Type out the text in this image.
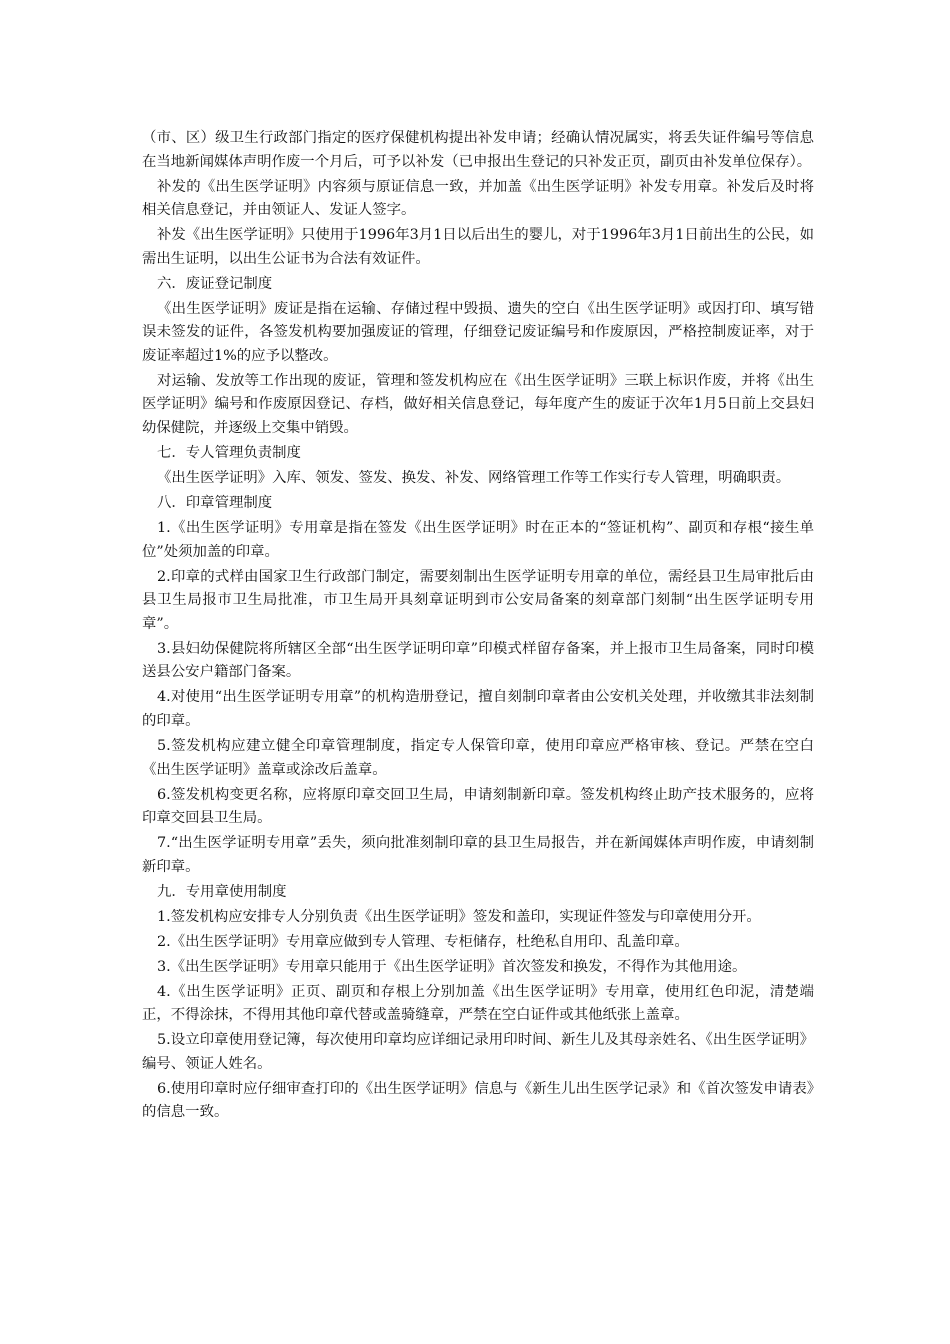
（市、区）级卫生行政部门指定的医疗保健机构提出补发申请；经确认情况属实，将丢失证件编号等信息在当地新闻媒体声明作废一个月后，可予以补发（已申报出生登记的只补发正页，副页由补发单位保存）。

补发的《出生医学证明》内容须与原证信息一致，并加盖《出生医学证明》补发专用章。补发后及时将相关信息登记，并由领证人、发证人签字。

补发《出生医学证明》只使用于1996年3月1日以后出生的婴儿，对于1996年3月1日前出生的公民，如需出生证明，以出生公证书为合法有效证件。

六．废证登记制度

《出生医学证明》废证是指在运输、存储过程中毁损、遗失的空白《出生医学证明》或因打印、填写错误未签发的证件，各签发机构要加强废证的管理，仔细登记废证编号和作废原因，严格控制废证率，对于废证率超过1%的应予以整改。

对运输、发放等工作出现的废证，管理和签发机构应在《出生医学证明》三联上标识作废，并将《出生医学证明》编号和作废原因登记、存档，做好相关信息登记，每年度产生的废证于次年1月5日前上交县妇幼保健院，并逐级上交集中销毁。

七．专人管理负责制度

《出生医学证明》入库、领发、签发、换发、补发、网络管理工作等工作实行专人管理，明确职责。

八．印章管理制度

1.《出生医学证明》专用章是指在签发《出生医学证明》时在正本的“签证机构”、副页和存根“接生单位”处须加盖的印章。

2.印章的式样由国家卫生行政部门制定，需要刻制出生医学证明专用章的单位，需经县卫生局审批后由县卫生局报市卫生局批准，市卫生局开具刻章证明到市公安局备案的刻章部门刻制“出生医学证明专用章”。

3.县妇幼保健院将所辖区全部“出生医学证明印章”印模式样留存备案，并上报市卫生局备案，同时印模送县公安户籍部门备案。

4.对使用“出生医学证明专用章”的机构造册登记，擅自刻制印章者由公安机关处理，并收缴其非法刻制的印章。

5.签发机构应建立健全印章管理制度，指定专人保管印章，使用印章应严格审核、登记。严禁在空白《出生医学证明》盖章或涂改后盖章。

6.签发机构变更名称，应将原印章交回卫生局，申请刻制新印章。签发机构终止助产技术服务的，应将印章交回县卫生局。

7.“出生医学证明专用章”丢失，须向批准刻制印章的县卫生局报告，并在新闻媒体声明作废，申请刻制新印章。

九．专用章使用制度

1.签发机构应安排专人分别负责《出生医学证明》签发和盖印，实现证件签发与印章使用分开。

2.《出生医学证明》专用章应做到专人管理、专柜储存，杜绝私自用印、乱盖印章。

3.《出生医学证明》专用章只能用于《出生医学证明》首次签发和换发，不得作为其他用途。

4.《出生医学证明》正页、副页和存根上分别加盖《出生医学证明》专用章，使用红色印泥，清楚端正，不得涂抹，不得用其他印章代替或盖骑缝章，严禁在空白证件或其他纸张上盖章。

5.设立印章使用登记簿，每次使用印章均应详细记录用印时间、新生儿及其母亲姓名、《出生医学证明》编号、领证人姓名。

6.使用印章时应仔细审查打印的《出生医学证明》信息与《新生儿出生医学记录》和《首次签发申请表》的信息一致。
